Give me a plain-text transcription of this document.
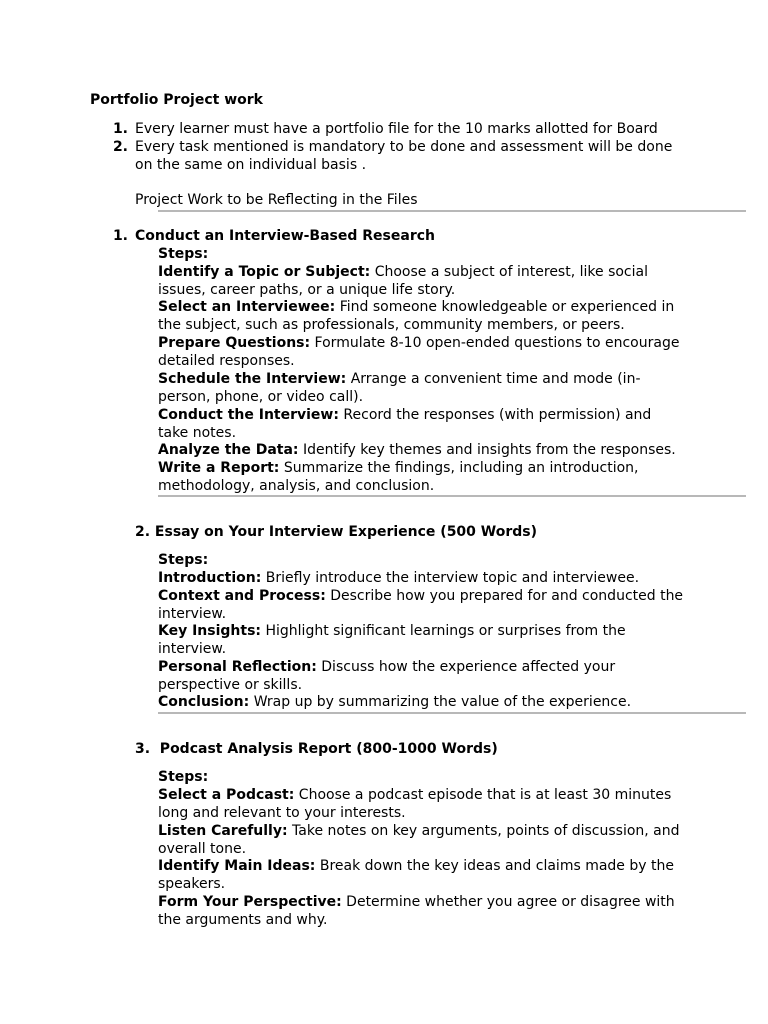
Portfolio Project work
1. Every learner must have a portfolio file for the 10 marks allotted for Board
2. Every task mentioned is mandatory to be done and assessment will be done on the same on individual basis .
Project Work to be Reflecting in the Files
1. Conduct an Interview-Based Research
Steps:
Identify a Topic or Subject: Choose a subject of interest, like social issues, career paths, or a unique life story.
Select an Interviewee: Find someone knowledgeable or experienced in the subject, such as professionals, community members, or peers.
Prepare Questions: Formulate 8-10 open-ended questions to encourage detailed responses.
Schedule the Interview: Arrange a convenient time and mode (in-person, phone, or video call).
Conduct the Interview: Record the responses (with permission) and take notes.
Analyze the Data: Identify key themes and insights from the responses.
Write a Report: Summarize the findings, including an introduction, methodology, analysis, and conclusion.
2. Essay on Your Interview Experience (500 Words)
Steps:
Introduction: Briefly introduce the interview topic and interviewee.
Context and Process: Describe how you prepared for and conducted the interview.
Key Insights: Highlight significant learnings or surprises from the interview.
Personal Reflection: Discuss how the experience affected your perspective or skills.
Conclusion: Wrap up by summarizing the value of the experience.
3.  Podcast Analysis Report (800-1000 Words)
Steps:
Select a Podcast: Choose a podcast episode that is at least 30 minutes long and relevant to your interests.
Listen Carefully: Take notes on key arguments, points of discussion, and overall tone.
Identify Main Ideas: Break down the key ideas and claims made by the speakers.
Form Your Perspective: Determine whether you agree or disagree with the arguments and why.
